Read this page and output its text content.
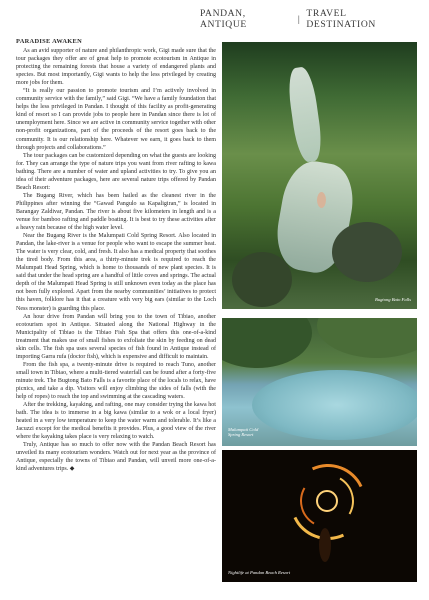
PANDAN, ANTIQUE	| TRAVEL DESTINATION
PARADISE AWAKEN

As an avid supporter of nature and philanthropic work, Gigi made sure that the tour packages they offer are of great help to promote ecotourism in Antique in protecting the remaining forests that house a variety of endangered plants and species. But most importantly, Gigi wants to help the less privileged by creating more jobs for them.

“It is really our passion to promote tourism and I’m actively involved in community service with the family,” said Gigi. “We have a family foundation that helps the less privileged in Pandan. I thought of this facility as profit-generating kind of resort so I can provide jobs to people here in Pandan since there is lot of unemployment here. Since we are active in community service together with other non-profit organizations, part of the proceeds of the resort goes back to the community. It is our relationship here. Whatever we earn, it goes back to them through projects and collaborations.”

The tour packages can be customized depending on what the guests are looking for. They can arrange the type of nature trips you want from river rafting to kawa bathing. There are a number of water and upland activities to try. To give you an idea of their adventure packages, here are several nature trips offered by Pandan Beach Resort:

The Bugang River, which has been hailed as the cleanest river in the Philippines after winning the “Gawad Pangulo sa Kapaligiran,” is located in Barangay Zaldivar, Pandan. The river is about five kilometers in length and is a venue for bamboo rafting and paddle boating. It is best to try these activities after a heavy rain because of the high water level.

Near the Bugang River is the Malumpati Cold Spring Resort. Also located in Pandan, the lake-river is a venue for people who want to escape the summer heat. The water is very clear, cold, and fresh. It also has a medical property that soothes the tired body. From this area, a thirty-minute trek is required to reach the Malumpati Head Spring, which is home to thousands of new plant species. It is said that under the head spring are a handful of little coves and springs. The actual depth of the Malumpati Head Spring is still unknown even today as the place has not been fully explored. Apart from the nearby communities’ initiatives to protect this haven, folklore has it that a creature with very big ears (similar to the Loch Ness monster) is guarding this place.

An hour drive from Pandan will bring you to the town of Tibiao, another ecotourism spot in Antique. Situated along the National Highway in the Municipality of Tibiao is the Tibiao Fish Spa that offers this one-of-a-kind treatment that makes use of small fishes to exfoliate the skin by feeding on dead skin cells. The fish spa uses several species of fish found in Antique instead of importing Garra rufa (doctor fish), which is expensive and difficult to maintain.

From the fish spa, a twenty-minute drive is required to reach Tuno, another small town in Tibiao, where a multi-tiered waterfall can be found after a forty-five minute trek. The Bugtong Bato Falls is a favorite place of the locals to relax, have picnics, and take a dip. Visitors will enjoy climbing the sides of falls (with the help of ropes) to reach the top and swimming at the cascading waters.

After the trekking, kayaking, and rafting, one may consider trying the kawa hot bath. The idea is to immerse in a big kawa (similar to a wok or a local fryer) heated in a very low temperature to keep the water warm and tolerable. It’s like a Jacuzzi except for the medical benefits it provides. Plus, a good view of the river where the kayaking takes place is very relaxing to watch.

Truly, Antique has so much to offer now with the Pandan Beach Resort has unveiled its many ecotourism wonders. Watch out for next year as the province of Antique, especially the towns of Tibiao and Pandan, will unveil more one-of-a-kind adventures trips. ◆

Bugtong Bato Falls
Malumpati Cold
Spring Resort
Nightlife at Pandan Beach Resort
